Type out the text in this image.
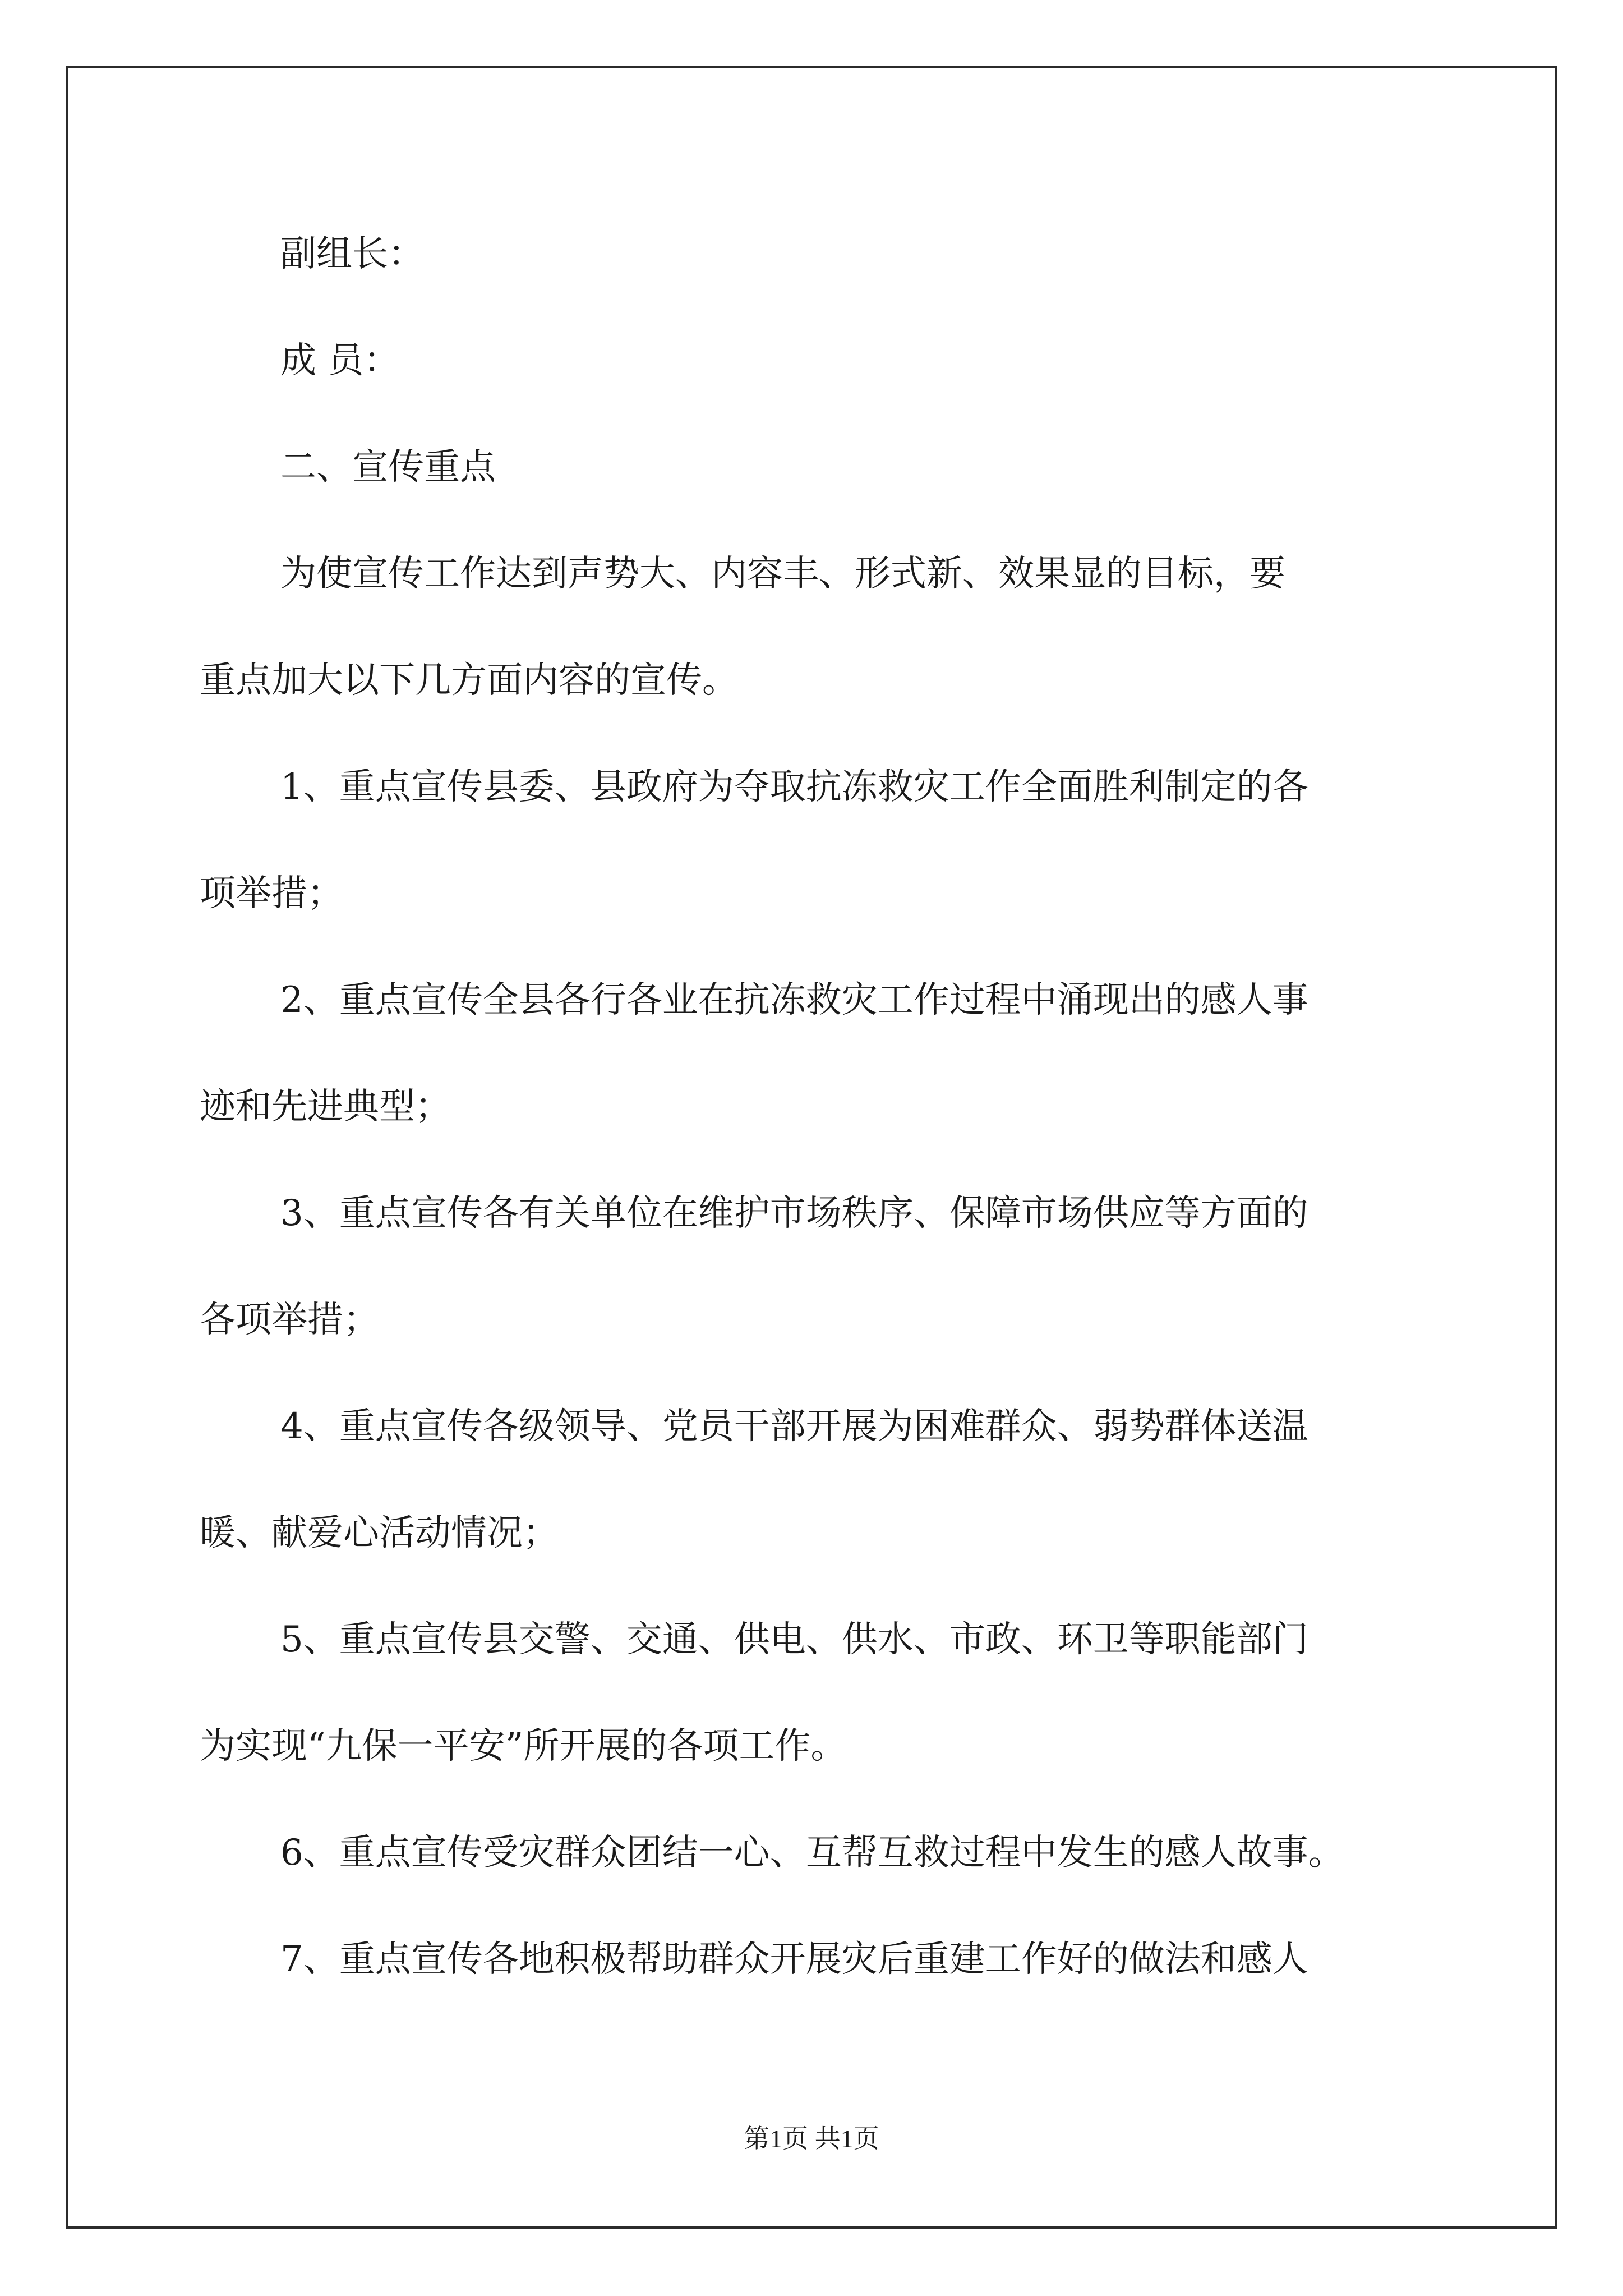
副组长：
成 员：
二、宣传重点
为使宣传工作达到声势大、内容丰、形式新、效果显的目标，要
重点加大以下几方面内容的宣传。
1、重点宣传县委、县政府为夺取抗冻救灾工作全面胜利制定的各
项举措；
2、重点宣传全县各行各业在抗冻救灾工作过程中涌现出的感人事
迹和先进典型；
3、重点宣传各有关单位在维护市场秩序、保障市场供应等方面的
各项举措；
4、重点宣传各级领导、党员干部开展为困难群众、弱势群体送温
暖、献爱心活动情况；
5、重点宣传县交警、交通、供电、供水、市政、环卫等职能部门
为实现“九保一平安”所开展的各项工作。
6、重点宣传受灾群众团结一心、互帮互救过程中发生的感人故事。
7、重点宣传各地积极帮助群众开展灾后重建工作好的做法和感人
第1页 共1页
